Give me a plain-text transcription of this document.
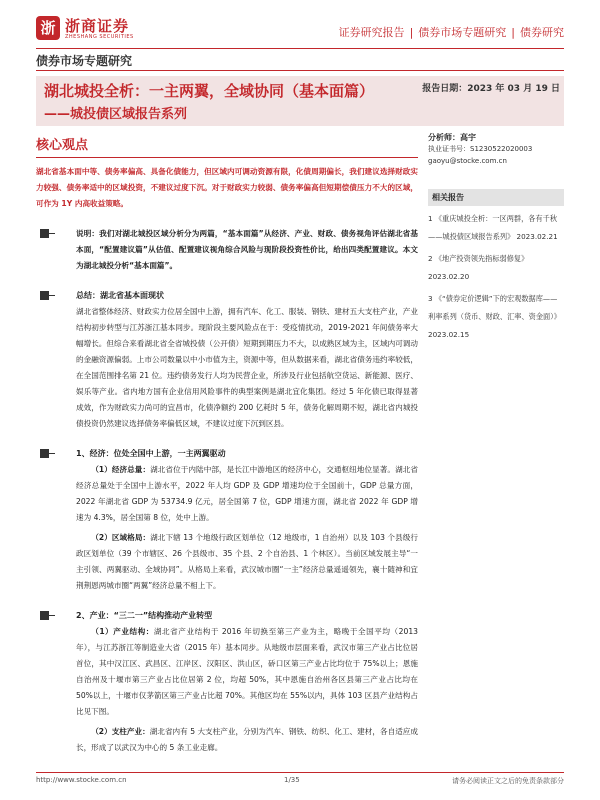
浙 浙商证券
ZHESHANG SECURITIES	证券研究报告 | 债券市场专题研究 | 债券研究
债券市场专题研究
湖北城投全析：一主两翼，全域协同（基本面篇）
——城投债区域报告系列
报告日期：2023 年 03 月 19 日
核心观点
湖北省基本面中等、债务率偏高、具备化债能力，但区域内可调动资源有限，化债周期偏长，我们建议选择财政实力较强、债务率适中的区域投资，不建议过度下沉。对于财政实力较弱、债务率偏高但短期偿债压力不大的区域，可作为 1Y 内高收益策略。
说明：我们对湖北城投区域分析分为两篇，“基本面篇”从经济、产业、财政、债务视角评估湖北省基本面，“配置建议篇”从估值、配置建议视角综合风险与现阶段投资性价比，给出四类配置建议。本文为湖北城投分析“基本面篇”。
总结：湖北省基本面现状
湖北省整体经济、财政实力位居全国中上游，拥有汽车、化工、服装、钢铁、建材五大支柱产业，产业结构初步转型与江苏浙江基本同步。现阶段主要风险点在于：受疫情扰动，2019-2021 年间债务率大幅增长。但综合来看湖北省全省城投债（公开债）短期到期压力不大，以成熟区域为主，区域内可调动的金融资源偏弱。上市公司数量以中小市值为主，资源中等，但从数据来看，湖北省债务违约率较低，在全国范围排名第 21 位。违约债务发行人均为民营企业，所涉及行业包括航空货运、新能源、医疗、娱乐等产业。省内地方国有企业信用风险事件的典型案例是湖北宜化集团。经过 5 年化债已取得显著成效，作为财政实力尚可的宜昌市，化债净额约 200 亿耗时 5 年，债务化解周期不短，湖北省内城投债投资仍然建议选择债务率偏低区域，不建议过度下沉到区县。
1、经济：位处全国中上游，一主两翼驱动
（1）经济总量：湖北省位于内陆中部，是长江中游地区的经济中心，交通枢纽地位显著。湖北省经济总量处于全国中上游水平，2022 年人均 GDP 及 GDP 增速均位于全国前十，GDP 总量方面，2022 年湖北省 GDP 为 53734.9 亿元，居全国第 7 位，GDP 增速方面，湖北省 2022 年 GDP 增速为 4.3%，居全国第 8 位，处中上游。
（2）区域格局：湖北下辖 13 个地级行政区划单位（12 地级市，1 自治州）以及 103 个县级行政区划单位（39 个市辖区、26 个县级市、35 个县、2 个自治县、1 个林区）。当前区域发展主导“一主引领、两翼驱动、全域协同”。从格局上来看，武汉城市圈“一主”经济总量遥遥领先，襄十随神和宜荆荆恩两城市圈“两翼”经济总量不相上下。
2、产业：“三二一”结构推动产业转型
（1）产业结构：湖北省产业结构于 2016 年切换至第三产业为主，略晚于全国平均（2013 年），与江苏浙江等制造业大省（2015 年）基本同步。从地级市层面来看，武汉市第三产业占比位居首位，其中汉江区、武昌区、江岸区、汉阳区、洪山区，硚口区第三产业占比均位于 75%以上；恩施自治州及十堰市第三产业占比位居第 2 位，均超 50%，其中恩施自治州各区县第三产业占比均在 50%以上，十堰市仅茅箭区第三产业占比超 70%。其他区均在 55%以内，具体 103 区县产业结构占比见下图。
（2）支柱产业：湖北省内有 5 大支柱产业，分别为汽车、钢铁、纺织、化工、建材，各自适应成长，形成了以武汉为中心的 5 条工业走廊。
分析师：高宇
执业证书号：S1230522020003
gaoyu@stocke.com.cn
相关报告
1 《重庆城投全析：一区两群，各有千秋——城投债区域报告系列》 2023.02.21
2 《地产投资领先指标弱修复》 2023.02.20
3 《“债券定价逻辑”下的宏观数据库——利率系列（货币、财政、汇率、资金面）》 2023.02.15
http://www.stocke.com.cn	1/35	请务必阅读正文之后的免责条款部分
